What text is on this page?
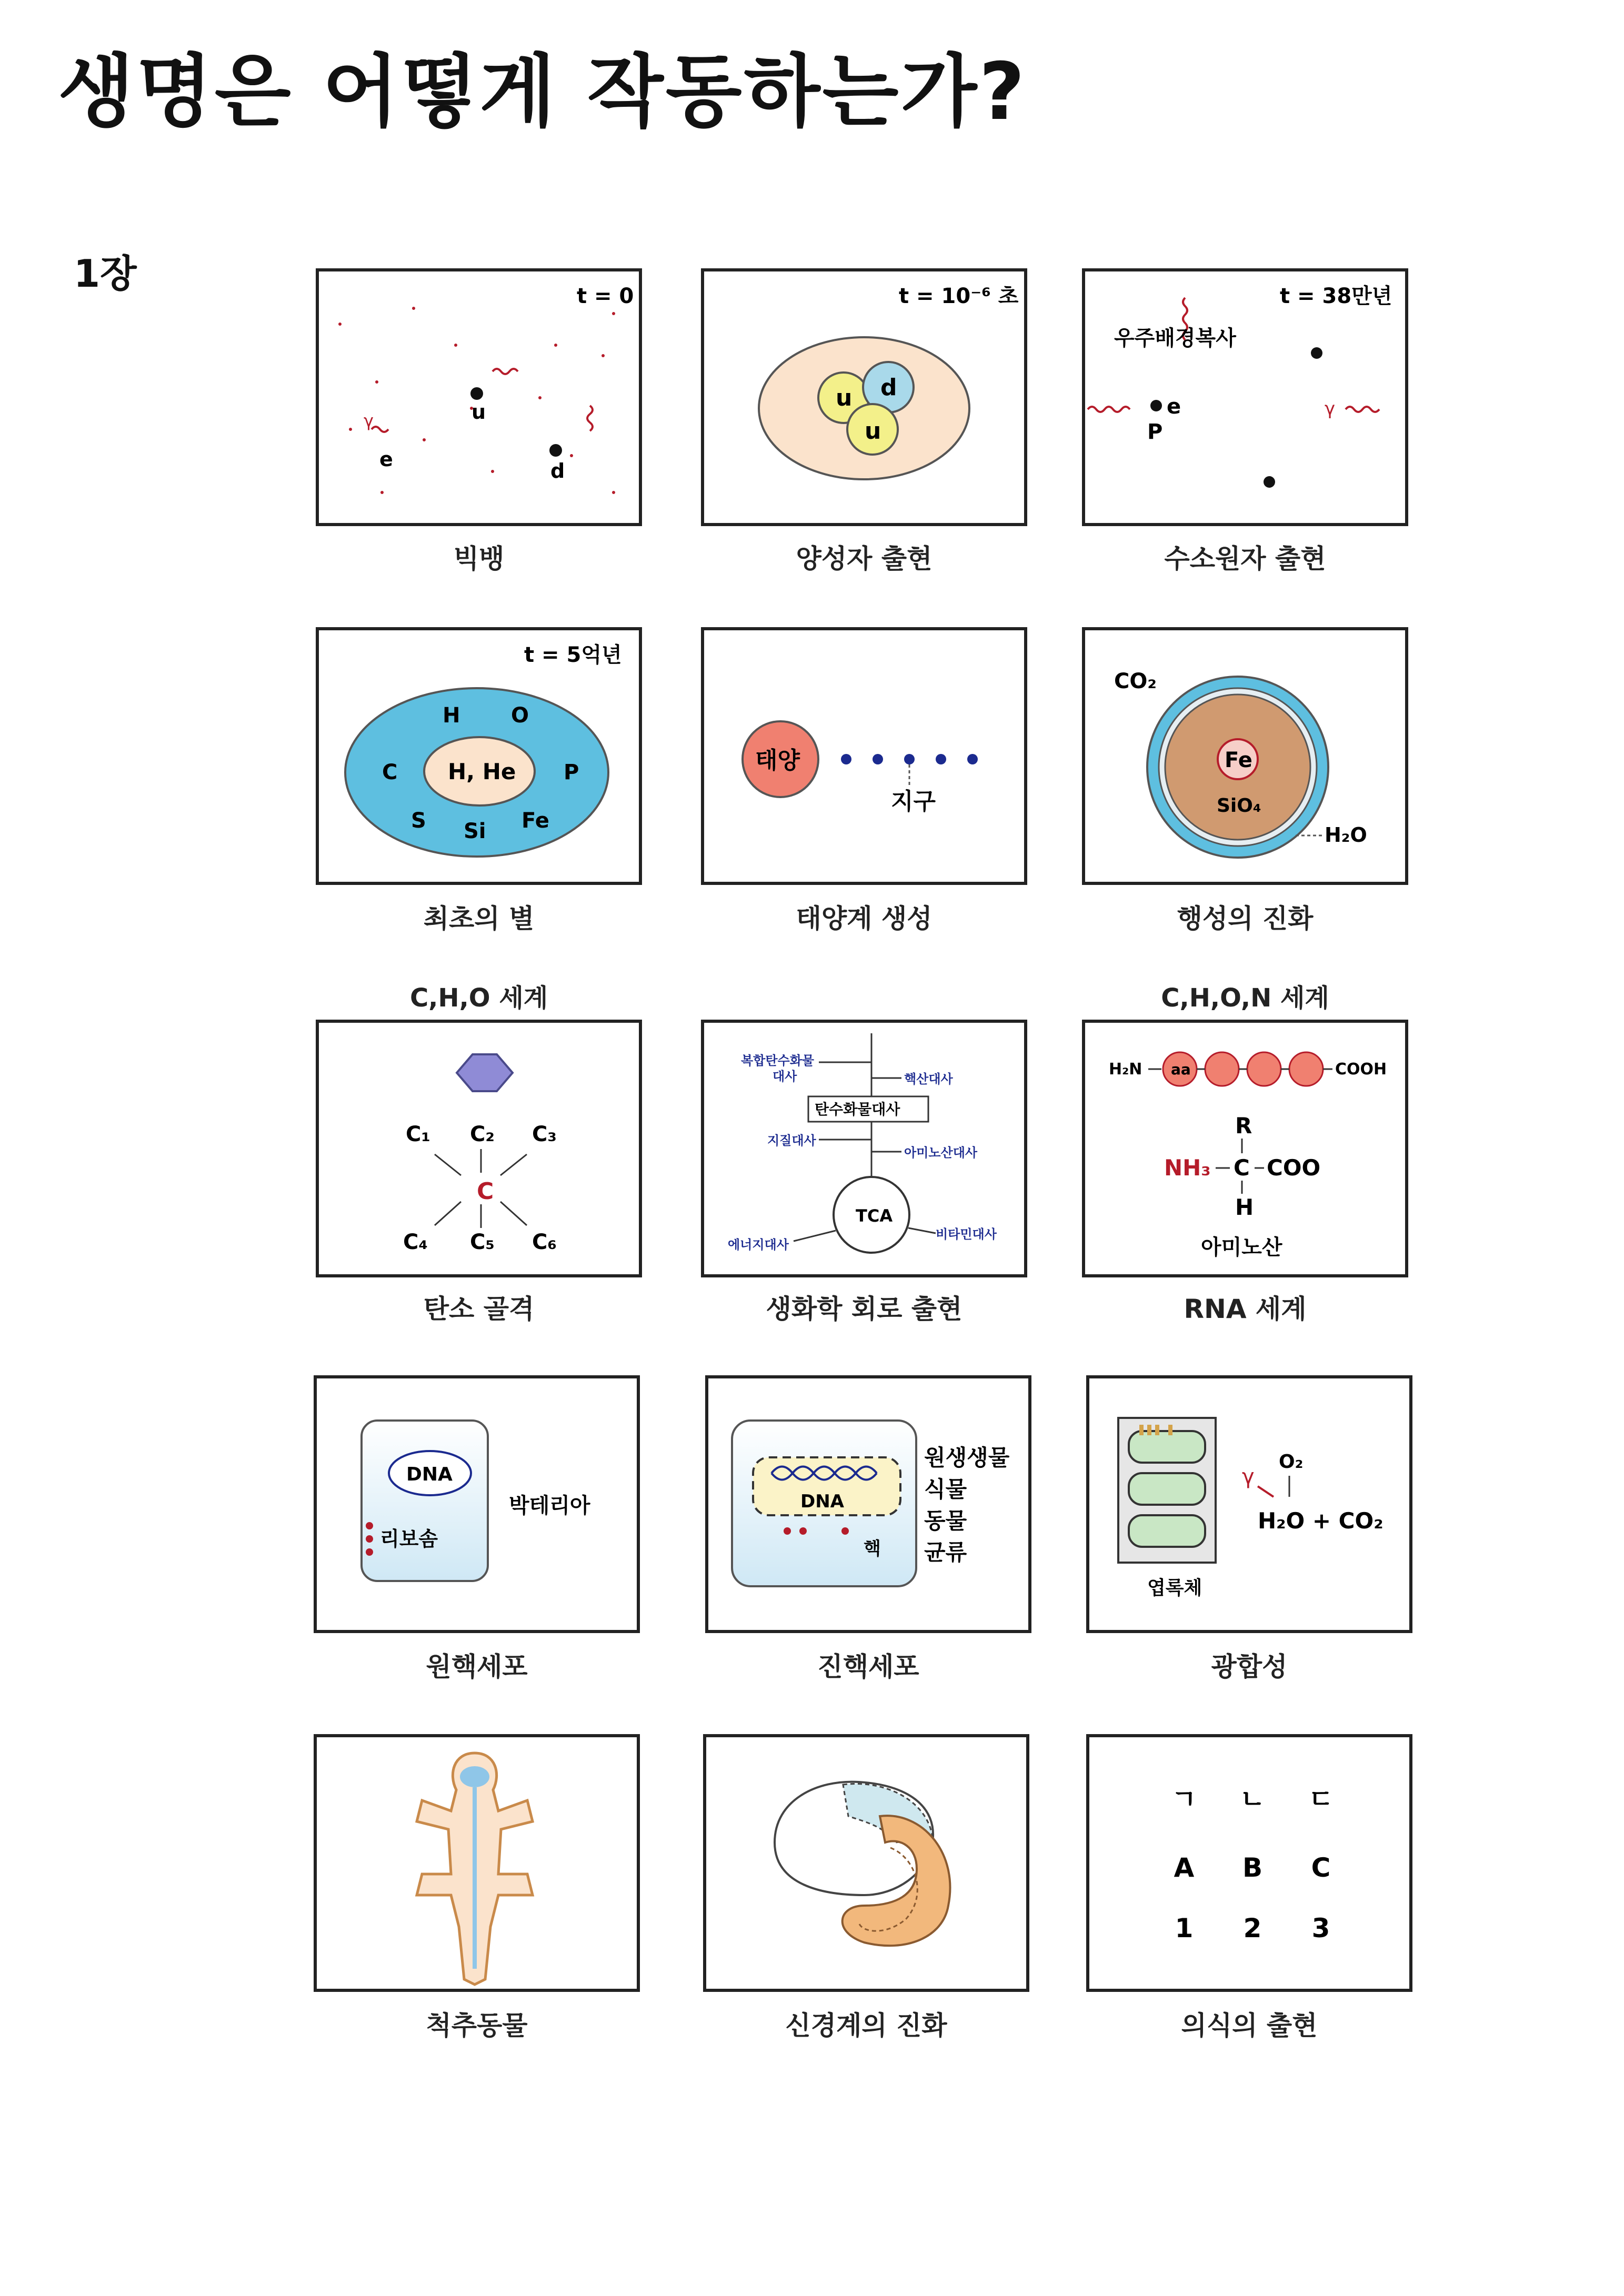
생명은 어떻게 작동하는가?
1장
t = 0
γ	u
d
e
빅뱅
t = 10⁻⁶ 초
u d
u
양성자 출현
t = 38만년
우주배경복사
e
P
γ
수소원자 출현
t = 5억년
H, He
H O
C	P
S Si Fe
최초의 별
태양
지구
태양계 생성
CO₂
Fe
SiO₄
H₂O
행성의 진화
C,H,O 세계	C,H,O,N 세계
C₁ C₂ C₃
C
C₄ C₅ C₆
탄소 골격
복합탄수화물
대사	핵산대사
탄수화물대사
지질대사
아미노산대사
TCA
에너지대사
비타민대사
생화학 회로 출현
H₂N aa	COOH
R
NH₃ C COO
H
아미노산
RNA 세계
DNA
리보솜
박테리아
원핵세포
DNA
핵
원생생물
식물
동물
균류
진핵세포
엽록체
γ
O₂
H₂O + CO₂
광합성
척추동물	신경계의 진화
ㄱ ㄴ ㄷ
A B C
1 2 3
의식의 출현
